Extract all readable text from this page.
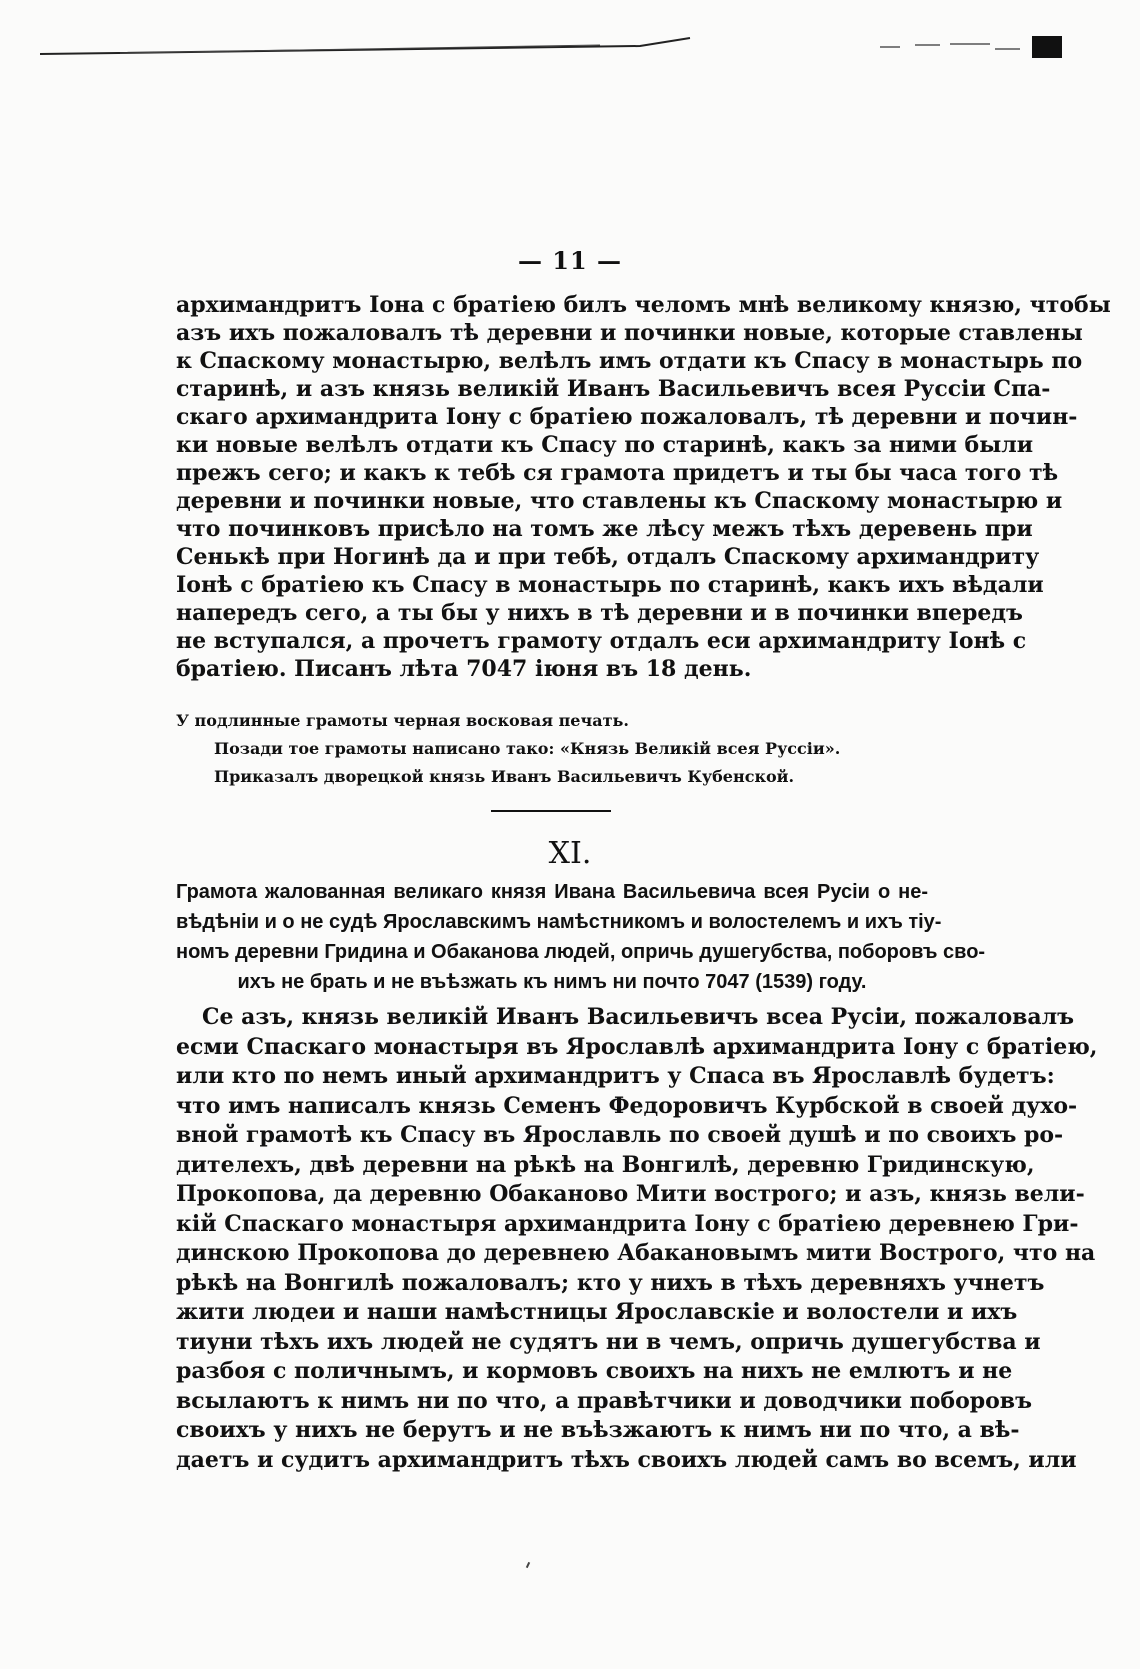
— 11 —
архимандритъ Іона с братіею билъ челомъ мнѣ великому князю, чтобы
азъ ихъ пожаловалъ тѣ деревни и починки новые, которые ставлены
к Спаскому монастырю, велѣлъ имъ отдати къ Спасу в монастырь по
старинѣ, и азъ князь великій Иванъ Васильевичъ всея Руссіи Спа-
скаго архимандрита Іону с братіею пожаловалъ, тѣ деревни и почин-
ки новые велѣлъ отдати къ Спасу по старинѣ, какъ за ними были
прежъ сего; и какъ к тебѣ ся грамота придетъ и ты бы часа того тѣ
деревни и починки новые, что ставлены къ Спаскому монастырю и
что починковъ присѣло на томъ же лѣсу межъ тѣхъ деревень при
Сенькѣ при Ногинѣ да и при тебѣ, отдалъ Спаскому архимандриту
Іонѣ с братіею къ Спасу в монастырь по старинѣ, какъ ихъ вѣдали
напередъ сего, а ты бы у нихъ в тѣ деревни и в починки впередъ
не вступался, а прочетъ грамоту отдалъ еси архимандриту Іонѣ с
братіею. Писанъ лѣта 7047 іюня въ 18 день.
У подлинные грамоты черная восковая печать.
Позади тое грамоты написано тако: «Князь Великій всея Руссіи».
Приказалъ дворецкой князь Иванъ Васильевичъ Кубенской.
XI.
Грамота жалованная великаго князя Ивана Васильевича всея Русіи о не-
вѣдѣніи и о не судѣ Ярославскимъ намѣстникомъ и волостелемъ и ихъ тіу-
номъ деревни Гридина и Обаканова людей, опричь душегубства, поборовъ сво-
ихъ не брать и не въѣзжать къ нимъ ни почто 7047 (1539) году.
Се азъ, князь великій Иванъ Васильевичъ всеа Русіи, пожаловалъ
есми Спаскаго монастыря въ Ярославлѣ архимандрита Іону с братіею,
или кто по немъ иный архимандритъ у Спаса въ Ярославлѣ будетъ:
что имъ написалъ князь Семенъ Федоровичъ Курбской в своей духо-
вной грамотѣ къ Спасу въ Ярославль по своей душѣ и по своихъ ро-
дителехъ, двѣ деревни на рѣкѣ на Вонгилѣ, деревню Гридинскую,
Прокопова, да деревню Обаканово Мити вострого; и азъ, князь вели-
кій Спаскаго монастыря архимандрита Іону с братіею деревнею Гри-
динскою Прокопова до деревнею Абакановымъ мити Вострого, что на
рѣкѣ на Вонгилѣ пожаловалъ; кто у нихъ в тѣхъ деревняхъ учнетъ
жити людеи и наши намѣстницы Ярославскіе и волостели и ихъ
тиуни тѣхъ ихъ людей не судятъ ни в чемъ, опричь душегубства и
разбоя с поличнымъ, и кормовъ своихъ на нихъ не емлютъ и не
всылаютъ к нимъ ни по что, а правѣтчики и доводчики поборовъ
своихъ у нихъ не берутъ и не въѣзжаютъ к нимъ ни по что, а вѣ-
даетъ и судитъ архимандритъ тѣхъ своихъ людей самъ во всемъ, или
